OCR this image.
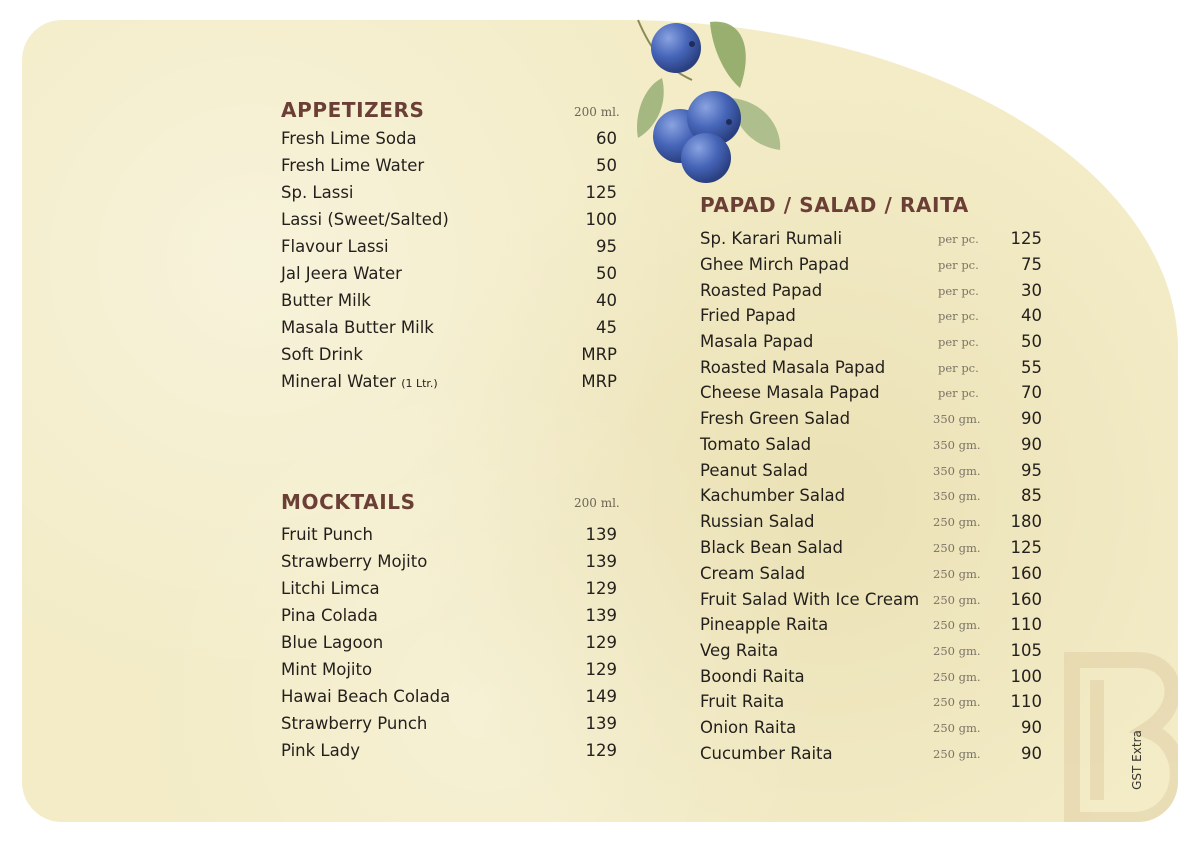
APPETIZERS	200 ml.
Fresh Lime Soda	60
Fresh Lime Water	50
Sp. Lassi	125
Lassi (Sweet/Salted)	100
Flavour Lassi	95
Jal Jeera Water	50
Butter Milk	40
Masala Butter Milk	45
Soft Drink	MRP
Mineral Water (1 Ltr.)	MRP
MOCKTAILS	200 ml.
Fruit Punch	139
Strawberry Mojito	139
Litchi Limca	129
Pina Colada	139
Blue Lagoon	129
Mint Mojito	129
Hawai Beach Colada	149
Strawberry Punch	139
Pink Lady	129
PAPAD / SALAD / RAITA
Sp. Karari Rumali	per pc. 125
Ghee Mirch Papad	per pc.	75
Roasted Papad	per pc.	30
Fried Papad	per pc.	40
Masala Papad	per pc.	50
Roasted Masala Papad	per pc.	55
Cheese Masala Papad	per pc.	70
Fresh Green Salad	350 gm. 90
Tomato Salad	350 gm. 90
Peanut Salad	350 gm. 95
Kachumber Salad	350 gm. 85
Russian Salad	250 gm. 180
Black Bean Salad	250 gm. 125
Cream Salad	250 gm. 160
Fruit Salad With Ice Cream 250 gm. 160
Pineapple Raita	250 gm. 110
Veg Raita	250 gm. 105
Boondi Raita	250 gm. 100
Fruit Raita	250 gm. 110
Onion Raita	250 gm. 90
Cucumber Raita	250 gm. 90	GST Extra
